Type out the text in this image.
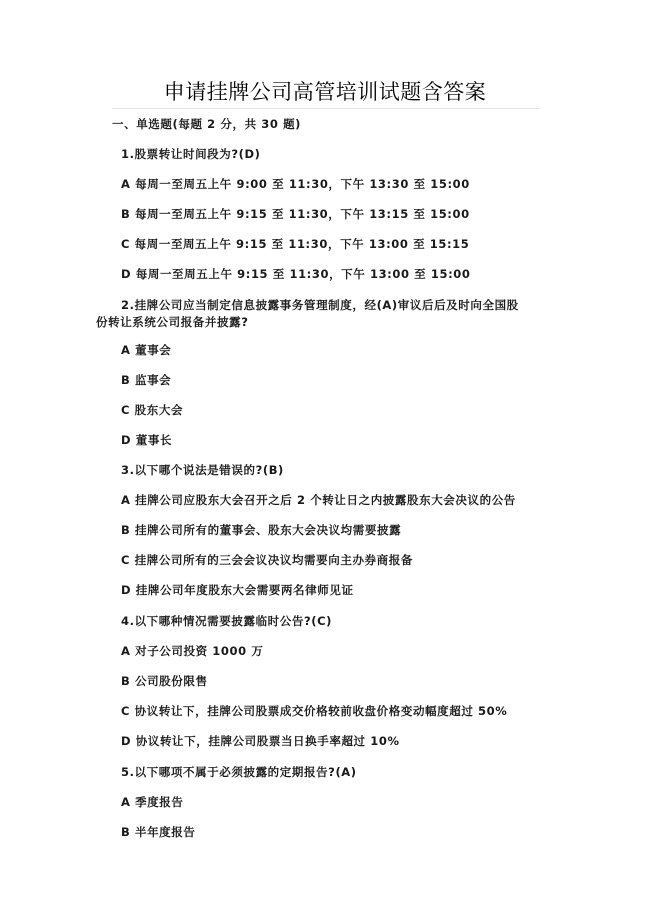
申请挂牌公司高管培训试题含答案
一、单选题(每题 2 分，共 30 题)
1.股票转让时间段为?(D)
A 每周一至周五上午 9:00 至 11:30，下午 13:30 至 15:00
B 每周一至周五上午 9:15 至 11:30，下午 13:15 至 15:00
C 每周一至周五上午 9:15 至 11:30，下午 13:00 至 15:15
D 每周一至周五上午 9:15 至 11:30，下午 13:00 至 15:00
2.挂牌公司应当制定信息披露事务管理制度，经(A)审议后后及时向全国股
份转让系统公司报备并披露?
A 董事会
B 监事会
C 股东大会
D 董事长
3.以下哪个说法是错误的?(B)
A 挂牌公司应股东大会召开之后 2 个转让日之内披露股东大会决议的公告
B 挂牌公司所有的董事会、股东大会决议均需要披露
C 挂牌公司所有的三会会议决议均需要向主办券商报备
D 挂牌公司年度股东大会需要两名律师见证
4.以下哪种情况需要披露临时公告?(C)
A 对子公司投资 1000 万
B 公司股份限售
C 协议转让下，挂牌公司股票成交价格较前收盘价格变动幅度超过 50%
D 协议转让下，挂牌公司股票当日换手率超过 10%
5.以下哪项不属于必须披露的定期报告?(A)
A 季度报告
B 半年度报告
